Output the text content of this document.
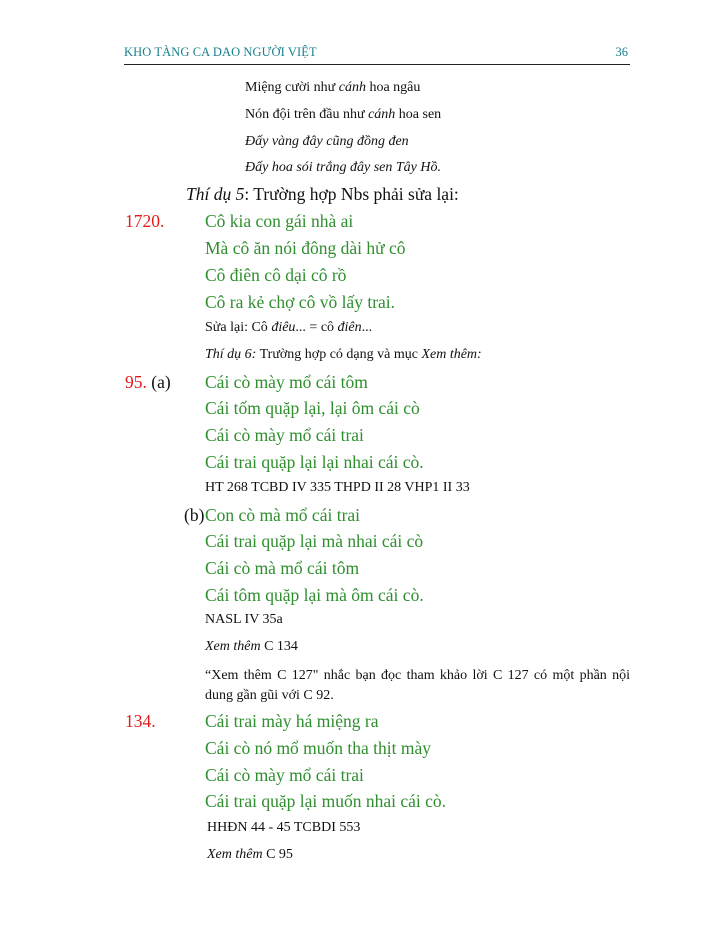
KHO TÀNG CA DAO NGƯỜI VIỆT	36
Miệng cười như cánh hoa ngâu
Nón đội trên đầu như cánh hoa sen
Đấy vàng đây cũng đồng đen
Đấy hoa sói trắng đây sen Tây Hồ.
Thí dụ 5: Trường hợp Nbs phải sửa lại:
1720. Cô kia con gái nhà ai
Mà cô ăn nói đông dài hử cô
Cô điên cô dại cô rồ
Cô ra kẻ chợ cô vồ lấy trai.
Sửa lại: Cô điêu... = cô điên...
Thí dụ 6: Trường hợp có dạng và mục Xem thêm:
95. (a) Cái cò mày mổ cái tôm
Cái tốm quặp lại, lại ôm cái cò
Cái cò mày mổ cái trai
Cái trai quặp lại lại nhai cái cò.
HT 268 TCBD IV 335 THPD II 28 VHP1 II 33
(b) Con cò mà mổ cái trai
Cái trai quặp lại mà nhai cái cò
Cái cò mà mổ cái tôm
Cái tôm quặp lại mà ôm cái cò.
NASL IV 35a
Xem thêm C 134
“Xem thêm C 127" nhắc bạn đọc tham khảo lời C 127 có một phần nội dung gần gũi với C 92.
134.	Cái trai mày há miệng ra
Cái cò nó mổ muốn tha thịt mày
Cái cò mày mổ cái trai
Cái trai quặp lại muốn nhai cái cò.
HHĐN 44 - 45 TCBDI 553
Xem thêm C 95
